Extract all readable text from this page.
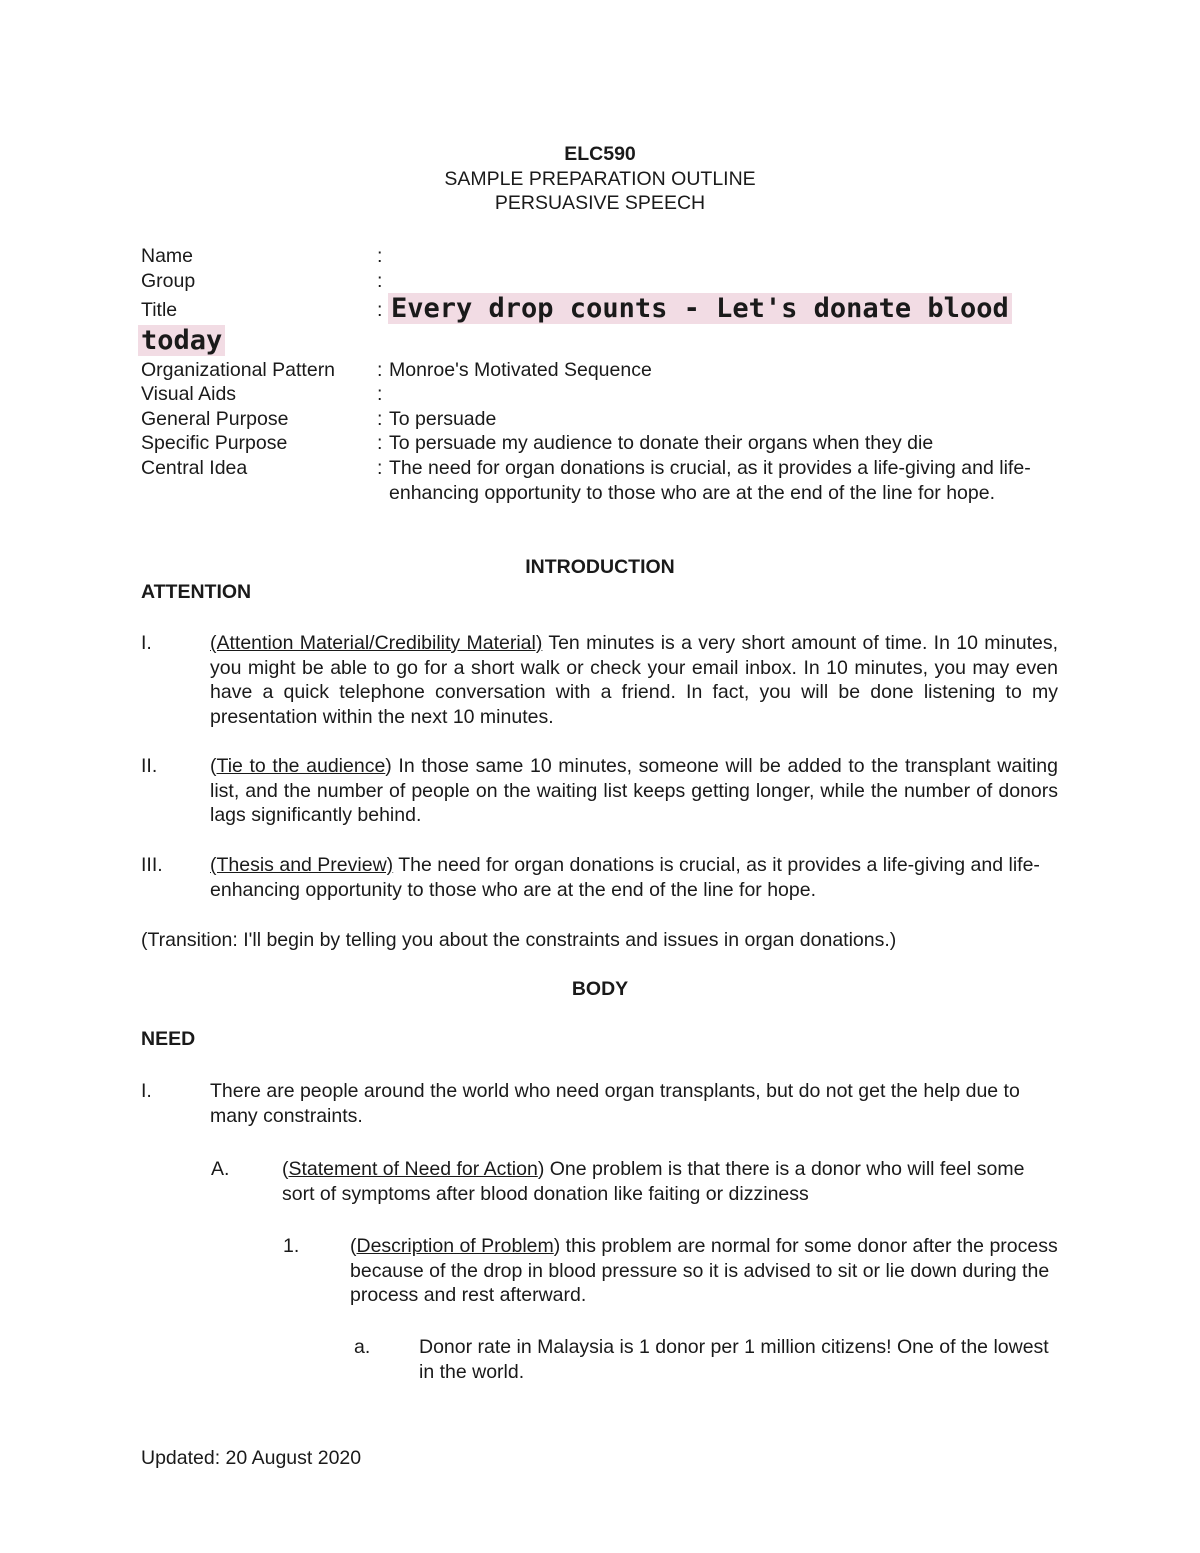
ELC590
SAMPLE PREPARATION OUTLINE
PERSUASIVE SPEECH
Name	:
Group	:
Title	: Every drop counts - Let's donate blood
today
Organizational Pattern : Monroe's Motivated Sequence
Visual Aids	:
General Purpose	: To persuade
Specific Purpose	: To persuade my audience to donate their organs when they die
Central Idea	: The need for organ donations is crucial, as it provides a life-giving and life-enhancing opportunity to those who are at the end of the line for hope.
INTRODUCTION
ATTENTION
I.	(Attention Material/Credibility Material) Ten minutes is a very short amount of time. In 10 minutes, you might be able to go for a short walk or check your email inbox. In 10 minutes, you may even have a quick telephone conversation with a friend. In fact, you will be done listening to my presentation within the next 10 minutes.
II.	(Tie to the audience) In those same 10 minutes, someone will be added to the transplant waiting list, and the number of people on the waiting list keeps getting longer, while the number of donors lags significantly behind.
III. (Thesis and Preview) The need for organ donations is crucial, as it provides a life-giving and life-enhancing opportunity to those who are at the end of the line for hope.
(Transition: I'll begin by telling you about the constraints and issues in organ donations.)
BODY
NEED
I.	There are people around the world who need organ transplants, but do not get the help due to many constraints.
A.	(Statement of Need for Action) One problem is that there is a donor who will feel some sort of symptoms after blood donation like faiting or dizziness
1.	(Description of Problem) this problem are normal for some donor after the process because of the drop in blood pressure so it is advised to sit or lie down during the process and rest afterward.
a. Donor rate in Malaysia is 1 donor per 1 million citizens! One of the lowest in the world.
Updated: 20 August 2020
